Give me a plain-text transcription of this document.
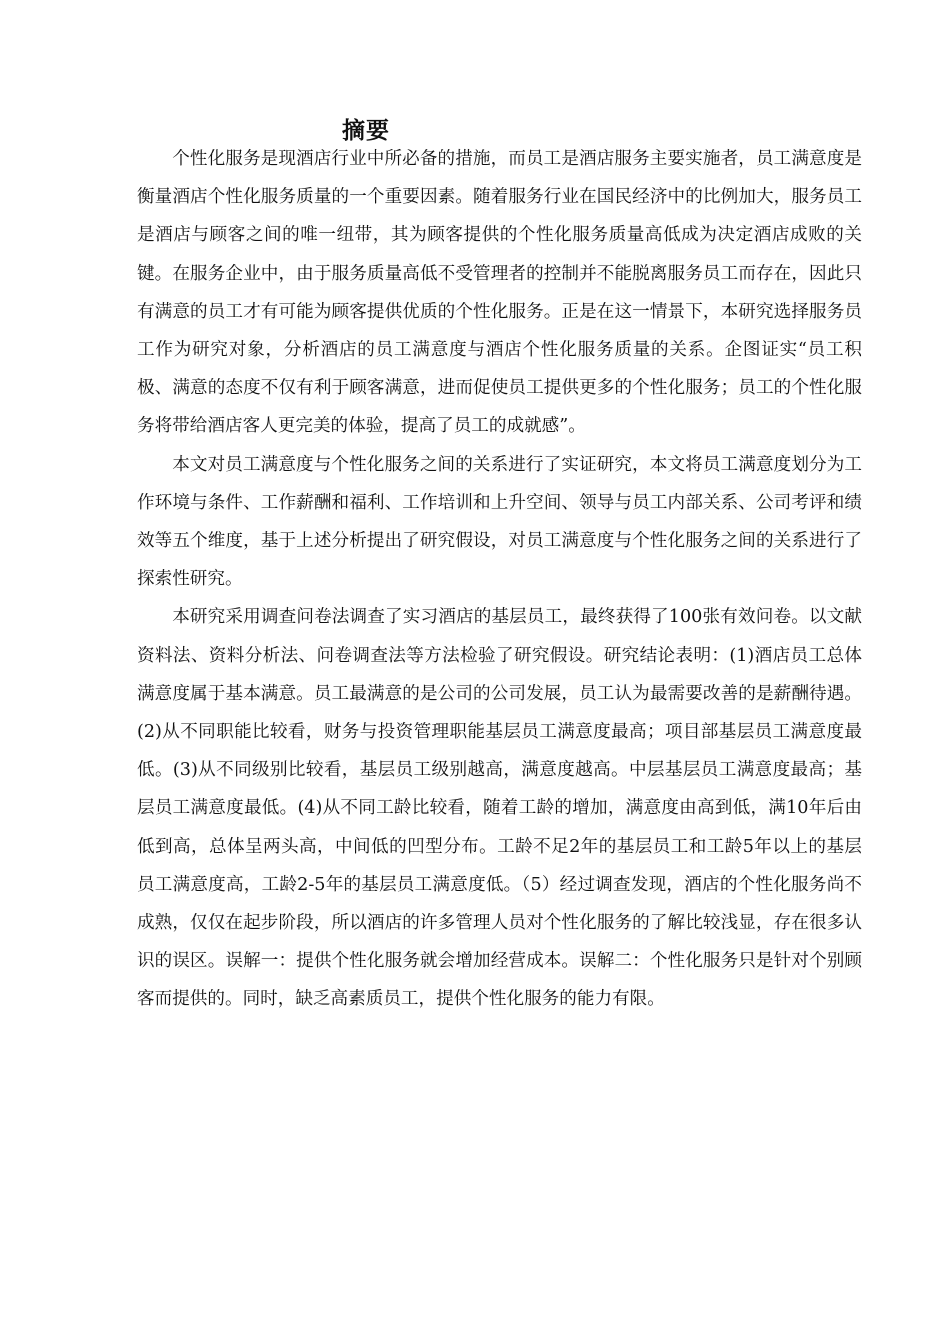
摘要

个性化服务是现酒店行业中所必备的措施，而员工是酒店服务主要实施者，员工满意度是衡量酒店个性化服务质量的一个重要因素。随着服务行业在国民经济中的比例加大，服务员工是酒店与顾客之间的唯一纽带，其为顾客提供的个性化服务质量高低成为决定酒店成败的关键。在服务企业中，由于服务质量高低不受管理者的控制并不能脱离服务员工而存在，因此只有满意的员工才有可能为顾客提供优质的个性化服务。正是在这一情景下，本研究选择服务员工作为研究对象，分析酒店的员工满意度与酒店个性化服务质量的关系。企图证实“员工积极、满意的态度不仅有利于顾客满意，进而促使员工提供更多的个性化服务；员工的个性化服务将带给酒店客人更完美的体验，提高了员工的成就感”。

本文对员工满意度与个性化服务之间的关系进行了实证研究，本文将员工满意度划分为工作环境与条件、工作薪酬和福利、工作培训和上升空间、领导与员工内部关系、公司考评和绩效等五个维度，基于上述分析提出了研究假设，对员工满意度与个性化服务之间的关系进行了探索性研究。

本研究采用调查问卷法调查了实习酒店的基层员工，最终获得了100张有效问卷。以文献资料法、资料分析法、问卷调查法等方法检验了研究假设。研究结论表明：(1)酒店员工总体满意度属于基本满意。员工最满意的是公司的公司发展，员工认为最需要改善的是薪酬待遇。(2)从不同职能比较看，财务与投资管理职能基层员工满意度最高；项目部基层员工满意度最低。(3)从不同级别比较看，基层员工级别越高，满意度越高。中层基层员工满意度最高；基层员工满意度最低。(4)从不同工龄比较看，随着工龄的增加，满意度由高到低，满10年后由低到高，总体呈两头高，中间低的凹型分布。工龄不足2年的基层员工和工龄5年以上的基层员工满意度高，工龄2-5年的基层员工满意度低。（5）经过调查发现，酒店的个性化服务尚不成熟，仅仅在起步阶段，所以酒店的许多管理人员对个性化服务的了解比较浅显，存在很多认识的误区。误解一：提供个性化服务就会增加经营成本。误解二：个性化服务只是针对个别顾客而提供的。同时，缺乏高素质员工，提供个性化服务的能力有限。
